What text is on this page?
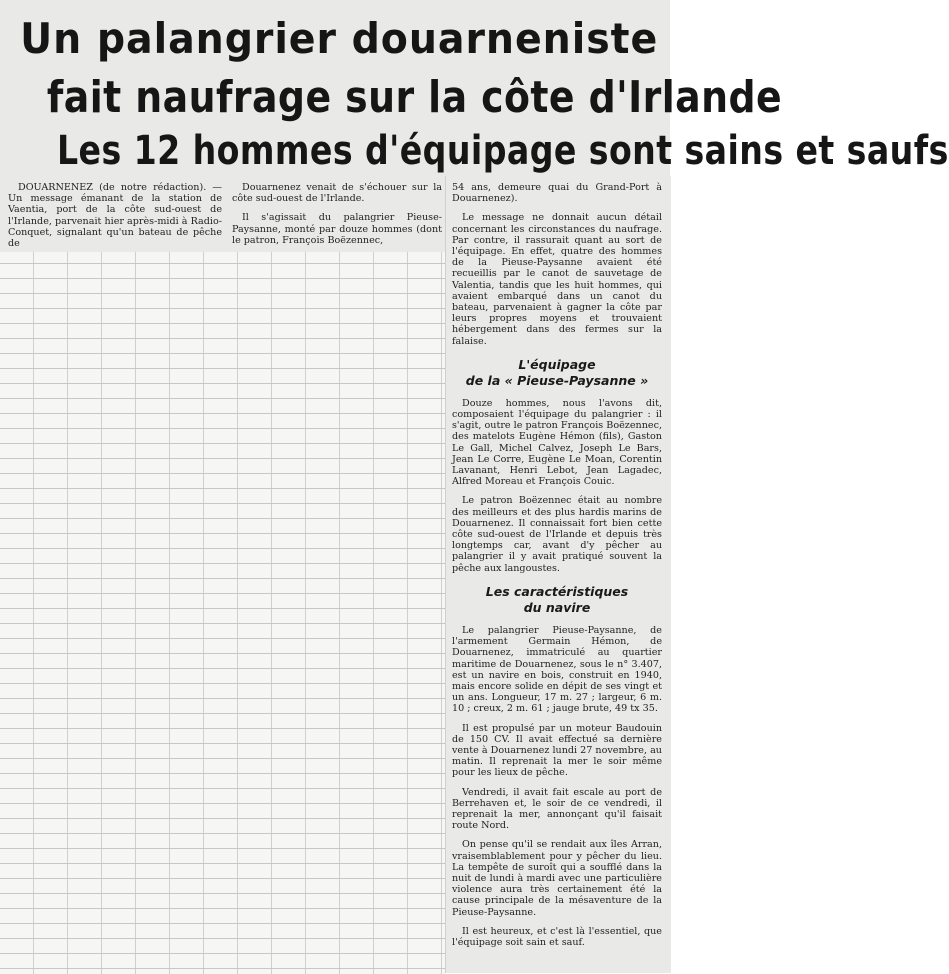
Un palangrier douarneniste
fait naufrage sur la côte d'Irlande
Les 12 hommes d'équipage sont sains et saufs

DOUARNENEZ (de notre rédaction). — Un message émanant de la station de Vaentia, port de la côte sud-ouest de l'Irlande, parvenait hier après-midi à Radio-Conquet, signalant qu'un bateau de pêche de

Douarnenez venait de s'échouer sur la côte sud-ouest de l'Irlande.

Il s'agissait du palangrier Pieuse-Paysanne, monté par douze hommes (dont le patron, François Boëzennec,

54 ans, demeure quai du Grand-Port à Douarnenez).

Le message ne donnait aucun détail concernant les circonstances du naufrage. Par contre, il rassurait quant au sort de l'équipage. En effet, quatre des hommes de la Pieuse-Paysanne avaient été recueillis par le canot de sauvetage de Valentia, tandis que les huit hommes, qui avaient embarqué dans un canot du bateau, parvenaient à gagner la côte par leurs propres moyens et trouvaient hébergement dans des fermes sur la falaise.

L'équipage
de la « Pieuse-Paysanne »

Douze hommes, nous l'avons dit, composaient l'équipage du palangrier : il s'agit, outre le patron François Boëzennec, des matelots Eugène Hémon (fils), Gaston Le Gall, Michel Calvez, Joseph Le Bars, Jean Le Corre, Eugène Le Moan, Corentin Lavanant, Henri Lebot, Jean Lagadec, Alfred Moreau et François Couic.

Le patron Boëzennec était au nombre des meilleurs et des plus hardis marins de Douarnenez. Il connaissait fort bien cette côte sud-ouest de l'Irlande et depuis très longtemps car, avant d'y pêcher au palangrier il y avait pratiqué souvent la pêche aux langoustes.

Les caractéristiques
du navire

Le palangrier Pieuse-Paysanne, de l'armement Germain Hémon, de Douarnenez, immatriculé au quartier maritime de Douarnenez, sous le n° 3.407, est un navire en bois, construit en 1940, mais encore solide en dépit de ses vingt et un ans. Longueur, 17 m. 27 ; largeur, 6 m. 10 ; creux, 2 m. 61 ; jauge brute, 49 tx 35.

Il est propulsé par un moteur Baudouin de 150 CV. Il avait effectué sa dernière vente à Douarnenez lundi 27 novembre, au matin. Il reprenait la mer le soir même pour les lieux de pêche.

Vendredi, il avait fait escale au port de Berrehaven et, le soir de ce vendredi, il reprenait la mer, annonçant qu'il faisait route Nord.

On pense qu'il se rendait aux îles Arran, vraisemblablement pour y pêcher du lieu. La tempête de suroît qui a soufflé dans la nuit de lundi à mardi avec une particulière violence aura très certainement été la cause principale de la mésaventure de la Pieuse-Paysanne.

Il est heureux, et c'est là l'essentiel, que l'équipage soit sain et sauf.
